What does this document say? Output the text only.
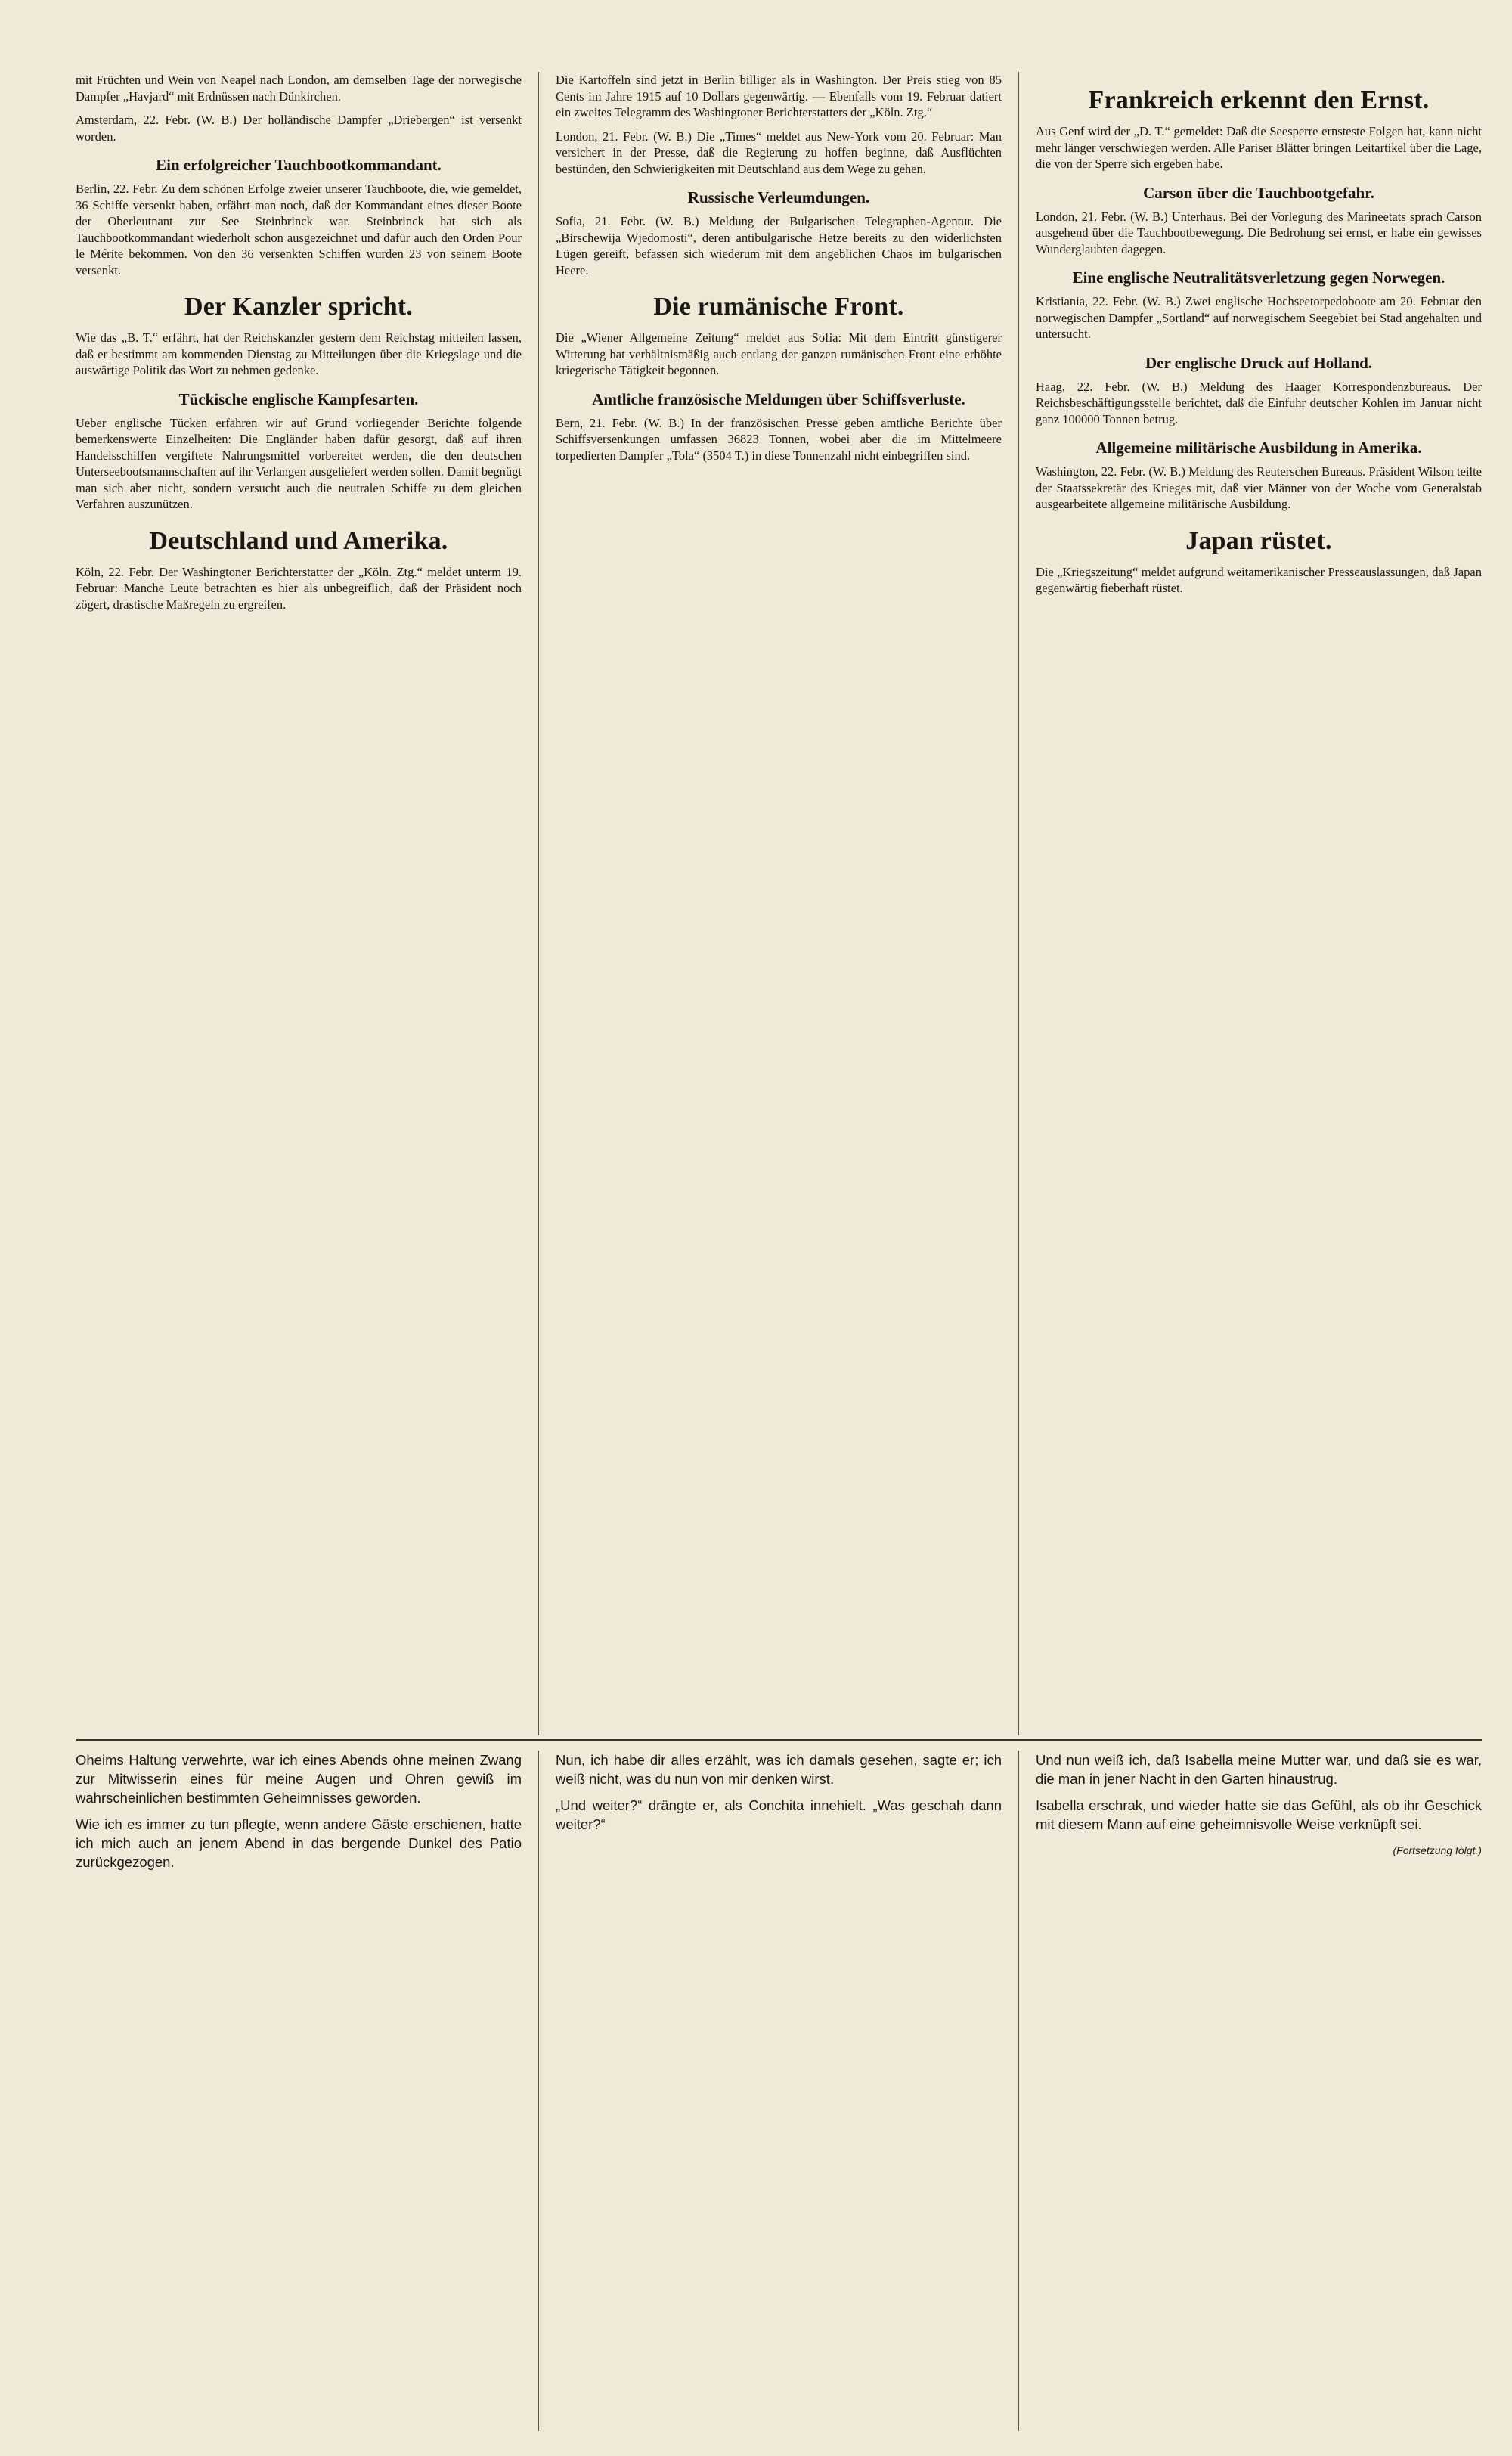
mit Früchten und Wein von Neapel nach London, am demselben Tage der norwegische Dampfer „Havjard“ mit Erdnüssen nach Dünkirchen.

Amsterdam, 22. Febr. (W. B.) Der holländische Dampfer „Driebergen“ ist versenkt worden.

Ein erfolgreicher Tauchbootkommandant.

Berlin, 22. Febr. Zu dem schönen Erfolge zweier unserer Tauchboote, die, wie gemeldet, 36 Schiffe versenkt haben, erfährt man noch, daß der Kommandant eines dieser Boote der Oberleutnant zur See Steinbrinck war. Steinbrinck hat sich als Tauchbootkommandant wiederholt schon ausgezeichnet und dafür auch den Orden Pour le Mérite bekommen. Von den 36 versenkten Schiffen wurden 23 von seinem Boote versenkt.

Der Kanzler spricht.

Wie das „B. T.“ erfährt, hat der Reichskanzler gestern dem Reichstag mitteilen lassen, daß er bestimmt am kommenden Dienstag zu Mitteilungen über die Kriegslage und die auswärtige Politik das Wort zu nehmen gedenke.

Tückische englische Kampfesarten.

Ueber englische Tücken erfahren wir auf Grund vorliegender Berichte folgende bemerkenswerte Einzelheiten: Die Engländer haben dafür gesorgt, daß auf ihren Handelsschiffen vergiftete Nahrungsmittel vorbereitet werden, die den deutschen Unterseebootsmannschaften auf ihr Verlangen ausgeliefert werden sollen. Damit begnügt man sich aber nicht, sondern versucht auch die neutralen Schiffe zu dem gleichen Verfahren auszunützen.

Deutschland und Amerika.

Köln, 22. Febr. Der Washingtoner Berichterstatter der „Köln. Ztg.“ meldet unterm 19. Februar: Manche Leute betrachten es hier als unbegreiflich, daß der Präsident noch zögert, drastische Maßregeln zu ergreifen.

Die Kartoffeln sind jetzt in Berlin billiger als in Washington. Der Preis stieg von 85 Cents im Jahre 1915 auf 10 Dollars gegenwärtig. — Ebenfalls vom 19. Februar datiert ein zweites Telegramm des Washingtoner Berichterstatters der „Köln. Ztg.“

London, 21. Febr. (W. B.) Die „Times“ meldet aus New-York vom 20. Februar: Man versichert in der Presse, daß die Regierung zu hoffen beginne, daß Ausflüchten bestünden, den Schwierigkeiten mit Deutschland aus dem Wege zu gehen.

Russische Verleumdungen.

Sofia, 21. Febr. (W. B.) Meldung der Bulgarischen Telegraphen-Agentur. Die „Birschewija Wjedomosti“, deren antibulgarische Hetze bereits zu den widerlichsten Lügen gereift, befassen sich wiederum mit dem angeblichen Chaos im bulgarischen Heere.

Die rumänische Front.

Die „Wiener Allgemeine Zeitung“ meldet aus Sofia: Mit dem Eintritt günstigerer Witterung hat verhältnismäßig auch entlang der ganzen rumänischen Front eine erhöhte kriegerische Tätigkeit begonnen.

Amtliche französische Meldungen über Schiffsverluste.

Bern, 21. Febr. (W. B.) In der französischen Presse geben amtliche Berichte über Schiffsversenkungen umfassen 36823 Tonnen, wobei aber die im Mittelmeere torpedierten Dampfer „Tola“ (3504 T.) in diese Tonnenzahl nicht einbegriffen sind.

Frankreich erkennt den Ernst.

Aus Genf wird der „D. T.“ gemeldet: Daß die Seesperre ernsteste Folgen hat, kann nicht mehr länger verschwiegen werden. Alle Pariser Blätter bringen Leitartikel über die Lage, die von der Sperre sich ergeben habe.

Carson über die Tauchbootgefahr.

London, 21. Febr. (W. B.) Unterhaus. Bei der Vorlegung des Marineetats sprach Carson ausgehend über die Tauchbootbewegung. Die Bedrohung sei ernst, er habe ein gewisses Wunderglaubten dagegen.

Eine englische Neutralitätsverletzung gegen Norwegen.

Kristiania, 22. Febr. (W. B.) Zwei englische Hochseetorpedoboote am 20. Februar den norwegischen Dampfer „Sortland“ auf norwegischem Seegebiet bei Stad angehalten und untersucht.

Der englische Druck auf Holland.

Haag, 22. Febr. (W. B.) Meldung des Haager Korrespondenzbureaus. Der Reichsbeschäftigungsstelle berichtet, daß die Einfuhr deutscher Kohlen im Januar nicht ganz 100000 Tonnen betrug.

Allgemeine militärische Ausbildung in Amerika.

Washington, 22. Febr. (W. B.) Meldung des Reuterschen Bureaus. Präsident Wilson teilte der Staatssekretär des Krieges mit, daß vier Männer von der Woche vom Generalstab ausgearbeitete allgemeine militärische Ausbildung.

Japan rüstet.

Die „Kriegszeitung“ meldet aufgrund weitamerikanischer Presseauslassungen, daß Japan gegenwärtig fieberhaft rüstet.

Oheims Haltung verwehrte, war ich eines Abends ohne meinen Zwang zur Mitwisserin eines für meine Augen und Ohren gewiß im wahrscheinlichen bestimmten Geheimnisses geworden.

Wie ich es immer zu tun pflegte, wenn andere Gäste erschienen, hatte ich mich auch an jenem Abend in das bergende Dunkel des Patio zurückgezogen.

Nun, ich habe dir alles erzählt, was ich damals gesehen, sagte er; ich weiß nicht, was du nun von mir denken wirst.

„Und weiter?“ drängte er, als Conchita innehielt. „Was geschah dann weiter?“

Und nun weiß ich, daß Isabella meine Mutter war, und daß sie es war, die man in jener Nacht in den Garten hinaustrug.

Isabella erschrak, und wieder hatte sie das Gefühl, als ob ihr Geschick mit diesem Mann auf eine geheimnisvolle Weise verknüpft sei.

(Fortsetzung folgt.)
